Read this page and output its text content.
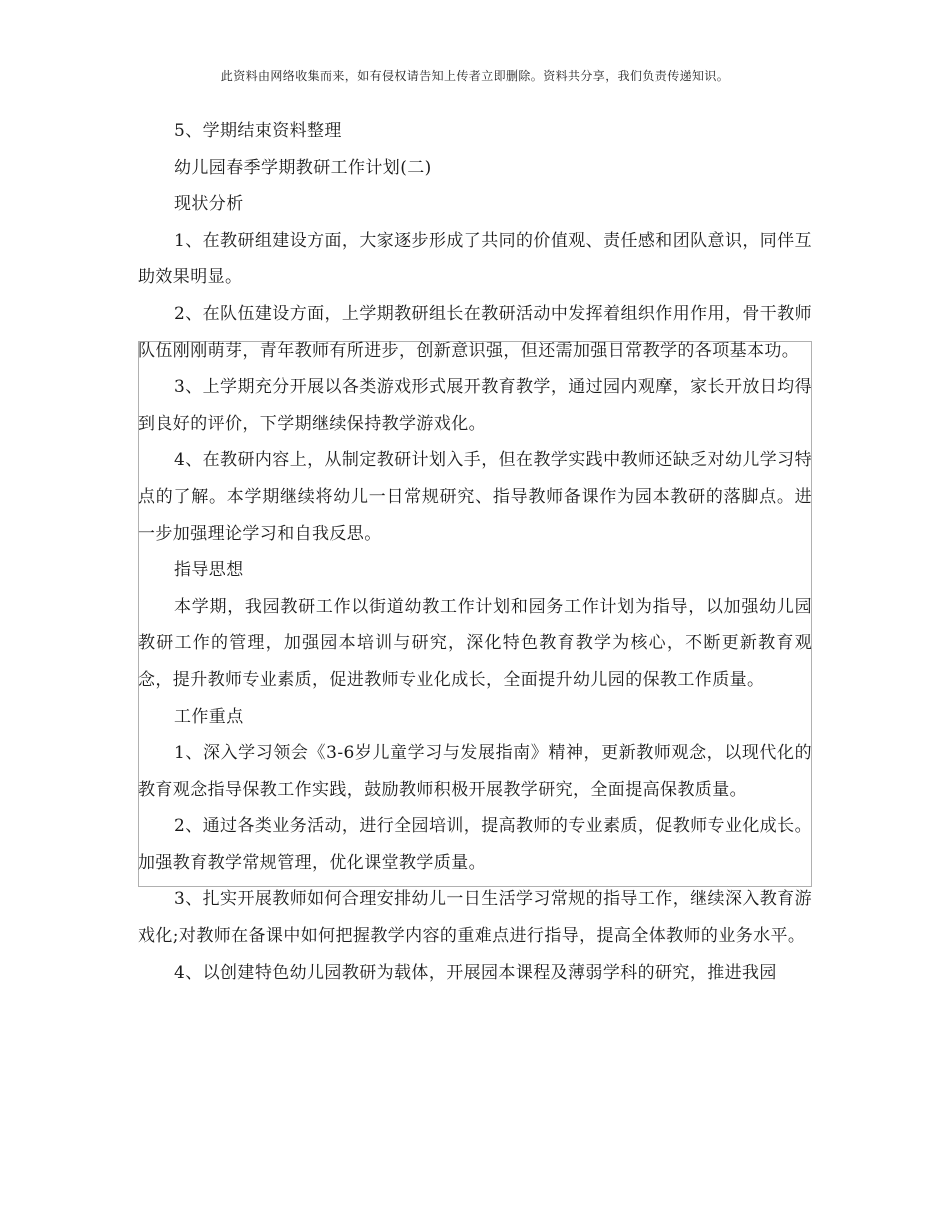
此资料由网络收集而来，如有侵权请告知上传者立即删除。资料共分享，我们负责传递知识。

5、学期结束资料整理

幼儿园春季学期教研工作计划(二)

现状分析

1、在教研组建设方面，大家逐步形成了共同的价值观、责任感和团队意识，同伴互助效果明显。

2、在队伍建设方面，上学期教研组长在教研活动中发挥着组织作用作用，骨干教师队伍刚刚萌芽，青年教师有所进步，创新意识强，但还需加强日常教学的各项基本功。

3、上学期充分开展以各类游戏形式展开教育教学，通过园内观摩，家长开放日均得到良好的评价，下学期继续保持教学游戏化。

4、在教研内容上，从制定教研计划入手，但在教学实践中教师还缺乏对幼儿学习特点的了解。本学期继续将幼儿一日常规研究、指导教师备课作为园本教研的落脚点。进一步加强理论学习和自我反思。

指导思想

本学期，我园教研工作以街道幼教工作计划和园务工作计划为指导，以加强幼儿园教研工作的管理，加强园本培训与研究，深化特色教育教学为核心，不断更新教育观念，提升教师专业素质，促进教师专业化成长，全面提升幼儿园的保教工作质量。

工作重点

1、深入学习领会《3-6岁儿童学习与发展指南》精神，更新教师观念，以现代化的教育观念指导保教工作实践，鼓励教师积极开展教学研究，全面提高保教质量。

2、通过各类业务活动，进行全园培训，提高教师的专业素质，促教师专业化成长。加强教育教学常规管理，优化课堂教学质量。

3、扎实开展教师如何合理安排幼儿一日生活学习常规的指导工作，继续深入教育游戏化;对教师在备课中如何把握教学内容的重难点进行指导，提高全体教师的业务水平。

4、以创建特色幼儿园教研为载体，开展园本课程及薄弱学科的研究，推进我园
